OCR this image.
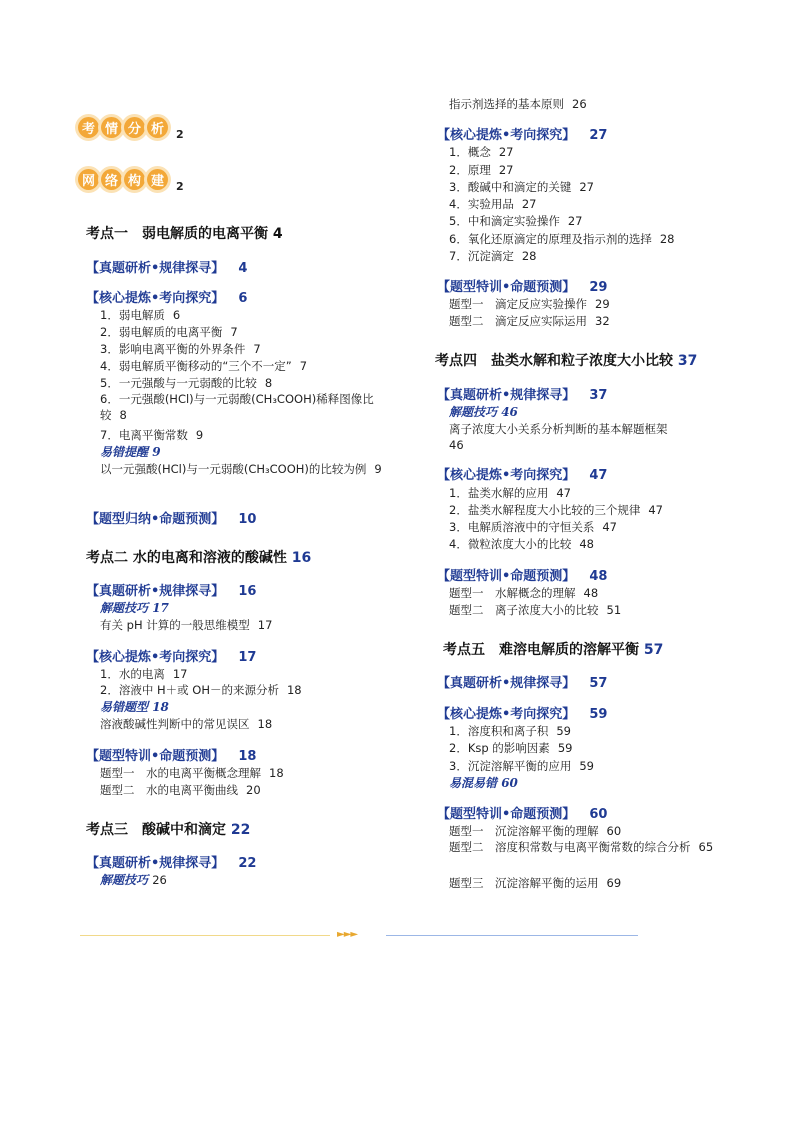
考 情 分 析	2
网 络 构 建	2
考点一　弱电解质的电离平衡 4
【真题研析•规律探寻】 4
【核心提炼•考向探究】 6
1．弱电解质 6
2．弱电解质的电离平衡 7
3．影响电离平衡的外界条件 7
4．弱电解质平衡移动的“三个不一定” 7
5．一元强酸与一元弱酸的比较 8
6．一元强酸(HCl)与一元弱酸(CH₃COOH)稀释图像比较 8
7．电离平衡常数 9
易错提醒 9
以一元强酸(HCl)与一元弱酸(CH₃COOH)的比较为例 9
【题型归纳•命题预测】 10
考点二 水的电离和溶液的酸碱性 16
【真题研析•规律探寻】 16
解题技巧 17
有关 pH 计算的一般思维模型 17
【核心提炼•考向探究】 17
1．水的电离 17
2．溶液中 H＋或 OH－的来源分析 18
易错题型 18
溶液酸碱性判断中的常见误区 18
【题型特训•命题预测】 18
题型一　水的电离平衡概念理解 18
题型二　水的电离平衡曲线 20
考点三　酸碱中和滴定 22
【真题研析•规律探寻】 22
解题技巧 26
指示剂选择的基本原则 26
【核心提炼•考向探究】 27
1．概念 27
2．原理 27
3．酸碱中和滴定的关键 27
4．实验用品 27
5．中和滴定实验操作 27
6．氧化还原滴定的原理及指示剂的选择 28
7．沉淀滴定 28
【题型特训•命题预测】 29
题型一　滴定反应实验操作 29
题型二　滴定反应实际运用 32
考点四　盐类水解和粒子浓度大小比较 37
【真题研析•规律探寻】 37
解题技巧 46
离子浓度大小关系分析判断的基本解题框架
46
【核心提炼•考向探究】 47
1．盐类水解的应用 47
2．盐类水解程度大小比较的三个规律 47
3．电解质溶液中的守恒关系 47
4．微粒浓度大小的比较 48
【题型特训•命题预测】 48
题型一　水解概念的理解 48
题型二　离子浓度大小的比较 51
考点五　难溶电解质的溶解平衡 57
【真题研析•规律探寻】 57
【核心提炼•考向探究】 59
1．溶度积和离子积 59
2．Ksp 的影响因素 59
3．沉淀溶解平衡的应用 59
易混易错 60
【题型特训•命题预测】 60
题型一　沉淀溶解平衡的理解 60
题型二　溶度积常数与电离平衡常数的综合分析 65
题型三　沉淀溶解平衡的运用 69
►►►
